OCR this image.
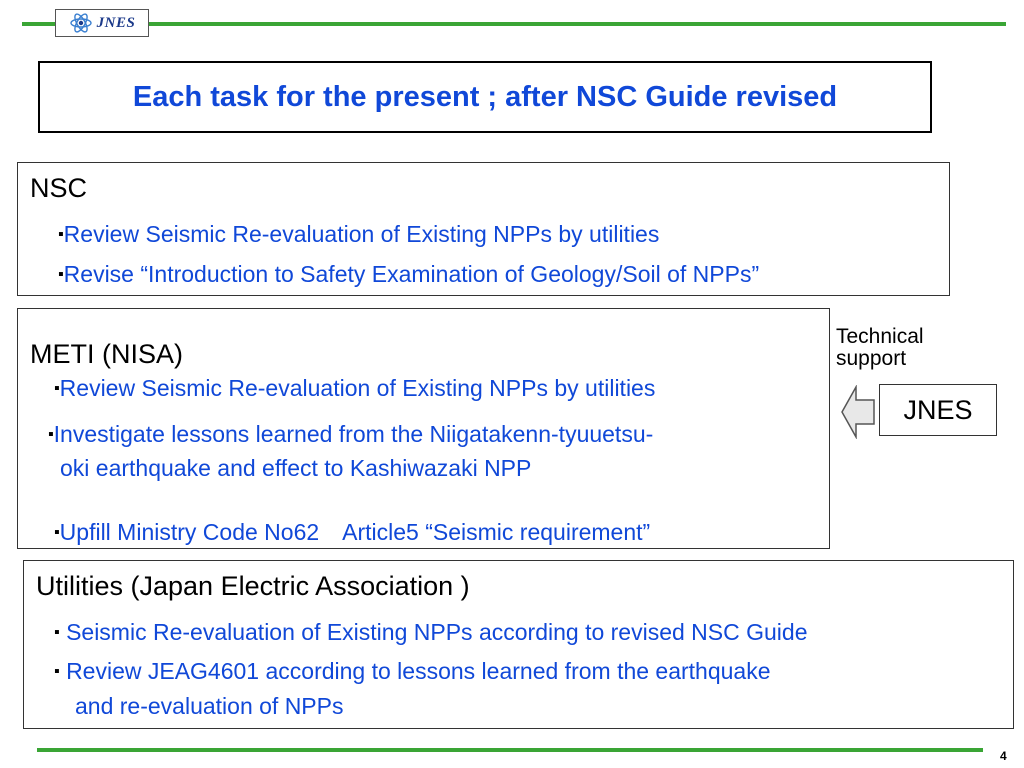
JNES
Each task for the present ; after NSC Guide revised
NSC
▪Review Seismic Re-evaluation of Existing NPPs by utilities
▪Revise “Introduction to Safety Examination of Geology/Soil of NPPs”
METI (NISA)
▪Review Seismic Re-evaluation of Existing NPPs by utilities
▪Investigate lessons learned from the Niigatakenn-tyuuetsu-
oki earthquake and effect to Kashiwazaki NPP
▪Upfill Ministry Code No62　Article5 “Seismic requirement”
Technical
support
JNES
Utilities (Japan Electric Association )
▪ Seismic Re-evaluation of Existing NPPs according to revised NSC Guide
▪ Review JEAG4601 according to lessons learned from the earthquake
and re-evaluation of NPPs
4
